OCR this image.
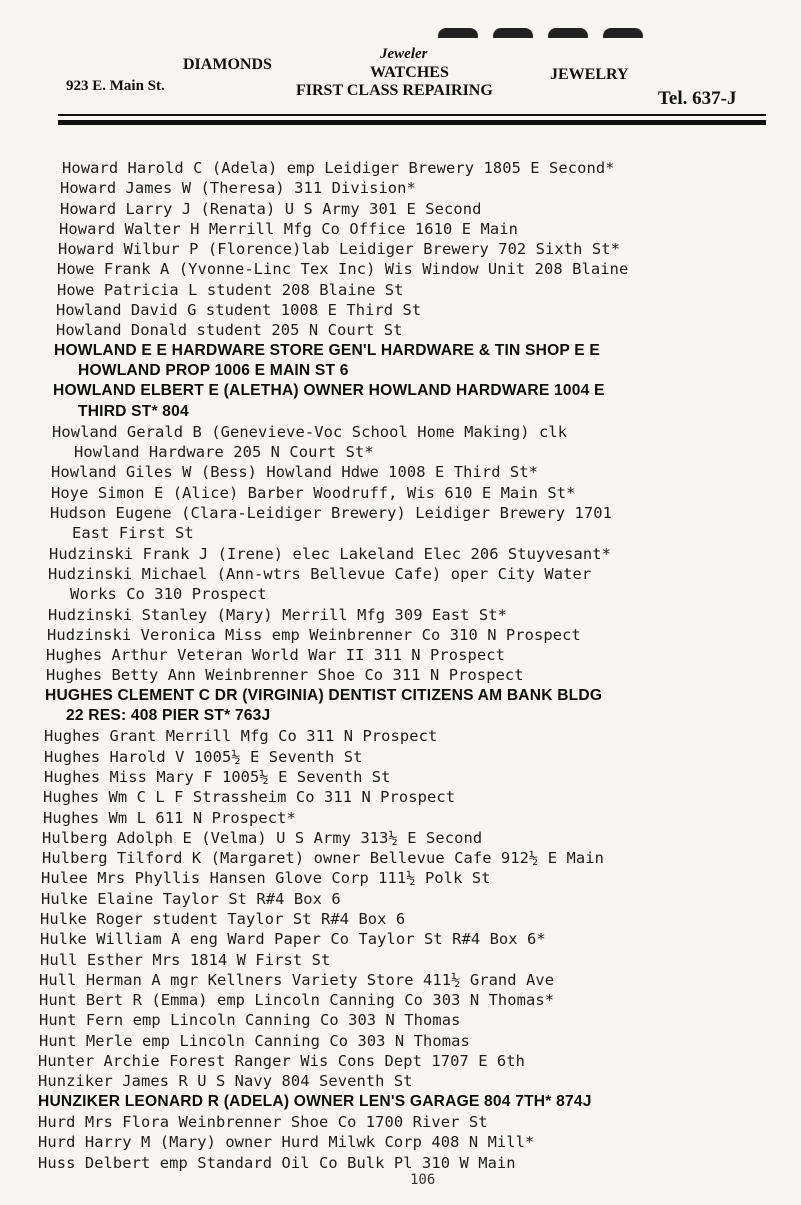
Jeweler
DIAMONDS	WATCHES	JEWELRY
923 E. Main St.	FIRST CLASS REPAIRING	Tel. 637-J
Howard Harold C (Adela) emp Leidiger Brewery 1805 E Second*
Howard James W (Theresa) 311 Division*
Howard Larry J (Renata) U S Army 301 E Second
Howard Walter H Merrill Mfg Co Office 1610 E Main
Howard Wilbur P (Florence)lab Leidiger Brewery 702 Sixth St*
Howe Frank A (Yvonne-Linc Tex Inc) Wis Window Unit 208 Blaine
Howe Patricia L student 208 Blaine St
Howland David G student 1008 E Third St
Howland Donald student 205 N Court St
HOWLAND E E HARDWARE STORE GEN'L HARDWARE & TIN SHOP E E
HOWLAND PROP 1006 E MAIN ST 6
HOWLAND ELBERT E (ALETHA) OWNER HOWLAND HARDWARE 1004 E
THIRD ST* 804
Howland Gerald B (Genevieve-Voc School Home Making) clk
Howland Hardware 205 N Court St*
Howland Giles W (Bess) Howland Hdwe 1008 E Third St*
Hoye Simon E (Alice) Barber Woodruff, Wis 610 E Main St*
Hudson Eugene (Clara-Leidiger Brewery) Leidiger Brewery 1701
East First St
Hudzinski Frank J (Irene) elec Lakeland Elec 206 Stuyvesant*
Hudzinski Michael (Ann-wtrs Bellevue Cafe) oper City Water
Works Co 310 Prospect
Hudzinski Stanley (Mary) Merrill Mfg 309 East St*
Hudzinski Veronica Miss emp Weinbrenner Co 310 N Prospect
Hughes Arthur Veteran World War II 311 N Prospect
Hughes Betty Ann Weinbrenner Shoe Co 311 N Prospect
HUGHES CLEMENT C DR (VIRGINIA) DENTIST CITIZENS AM BANK BLDG
22 RES: 408 PIER ST* 763J
Hughes Grant Merrill Mfg Co 311 N Prospect
Hughes Harold V 1005½ E Seventh St
Hughes Miss Mary F 1005½ E Seventh St
Hughes Wm C L F Strassheim Co 311 N Prospect
Hughes Wm L 611 N Prospect*
Hulberg Adolph E (Velma) U S Army 313½ E Second
Hulberg Tilford K (Margaret) owner Bellevue Cafe 912½ E Main
Hulee Mrs Phyllis Hansen Glove Corp 111½ Polk St
Hulke Elaine Taylor St R#4 Box 6
Hulke Roger student Taylor St R#4 Box 6
Hulke William A eng Ward Paper Co Taylor St R#4 Box 6*
Hull Esther Mrs 1814 W First St
Hull Herman A mgr Kellners Variety Store 411½ Grand Ave
Hunt Bert R (Emma) emp Lincoln Canning Co 303 N Thomas*
Hunt Fern emp Lincoln Canning Co 303 N Thomas
Hunt Merle emp Lincoln Canning Co 303 N Thomas
Hunter Archie Forest Ranger Wis Cons Dept 1707 E 6th
Hunziker James R U S Navy 804 Seventh St
HUNZIKER LEONARD R (ADELA) OWNER LEN'S GARAGE 804 7TH* 874J
Hurd Mrs Flora Weinbrenner Shoe Co 1700 River St
Hurd Harry M (Mary) owner Hurd Milwk Corp 408 N Mill*
Huss Delbert emp Standard Oil Co Bulk Pl 310 W Main
106
